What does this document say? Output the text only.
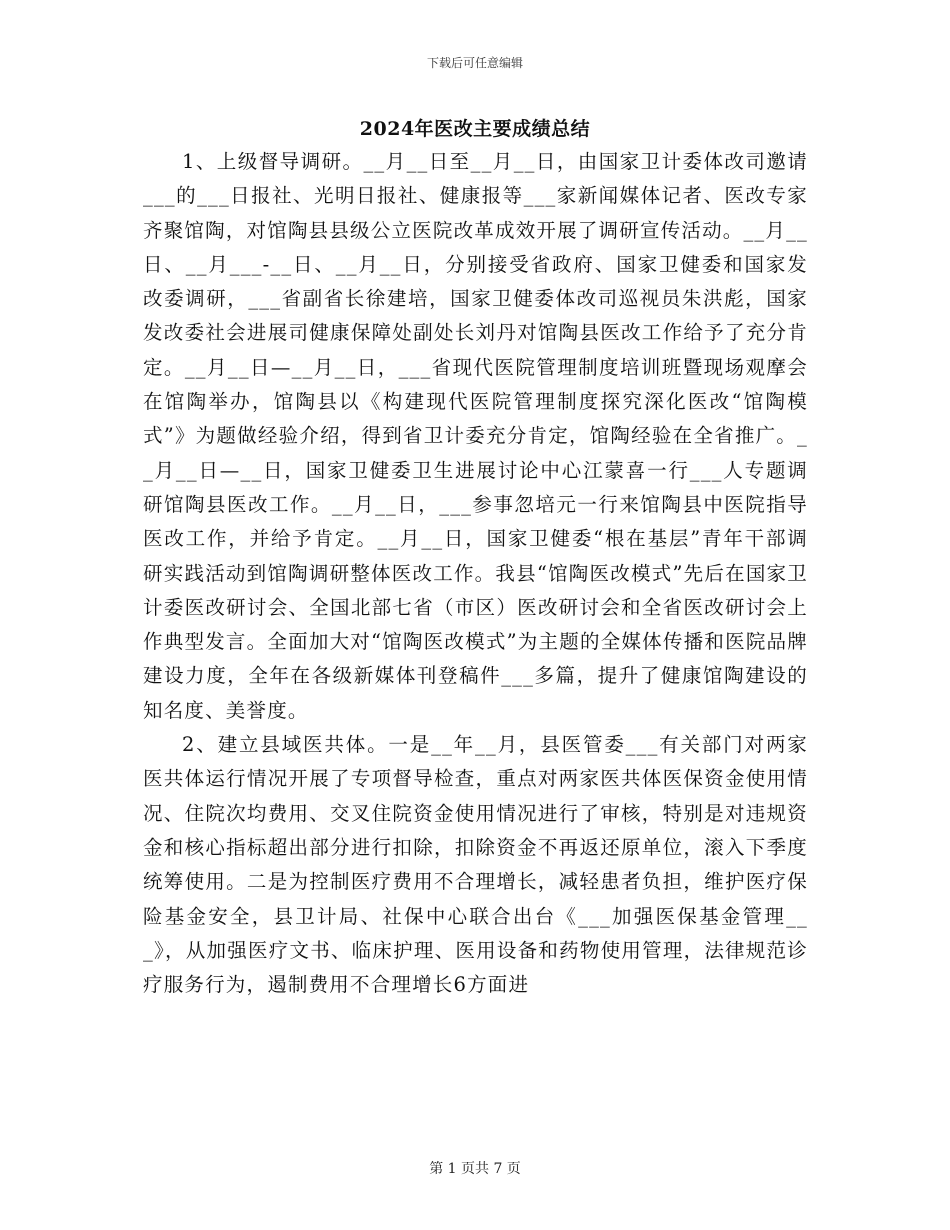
下载后可任意编辑
2024年医改主要成绩总结

1、上级督导调研。__月__日至__月__日，由国家卫计委体改司邀请___的___日报社、光明日报社、健康报等___家新闻媒体记者、医改专家齐聚馆陶，对馆陶县县级公立医院改革成效开展了调研宣传活动。__月__日、__月___-__日、__月__日，分别接受省政府、国家卫健委和国家发改委调研，___省副省长徐建培，国家卫健委体改司巡视员朱洪彪，国家发改委社会进展司健康保障处副处长刘丹对馆陶县医改工作给予了充分肯定。__月__日—__月__日，___省现代医院管理制度培训班暨现场观摩会在馆陶举办，馆陶县以《构建现代医院管理制度探究深化医改“馆陶模式”》为题做经验介绍，得到省卫计委充分肯定，馆陶经验在全省推广。__月__日—__日，国家卫健委卫生进展讨论中心江蒙喜一行___人专题调研馆陶县医改工作。__月__日，___参事忽培元一行来馆陶县中医院指导医改工作，并给予肯定。__月__日，国家卫健委“根在基层”青年干部调研实践活动到馆陶调研整体医改工作。我县“馆陶医改模式”先后在国家卫计委医改研讨会、全国北部七省（市区）医改研讨会和全省医改研讨会上作典型发言。全面加大对“馆陶医改模式”为主题的全媒体传播和医院品牌建设力度，全年在各级新媒体刊登稿件___多篇，提升了健康馆陶建设的知名度、美誉度。

2、建立县域医共体。一是__年__月，县医管委___有关部门对两家医共体运行情况开展了专项督导检查，重点对两家医共体医保资金使用情况、住院次均费用、交叉住院资金使用情况进行了审核，特别是对违规资金和核心指标超出部分进行扣除，扣除资金不再返还原单位，滚入下季度统筹使用。二是为控制医疗费用不合理增长，减轻患者负担，维护医疗保险基金安全，县卫计局、社保中心联合出台《___加强医保基金管理___》，从加强医疗文书、临床护理、医用设备和药物使用管理，法律规范诊疗服务行为，遏制费用不合理增长6方面进

第 1 页共 7 页
